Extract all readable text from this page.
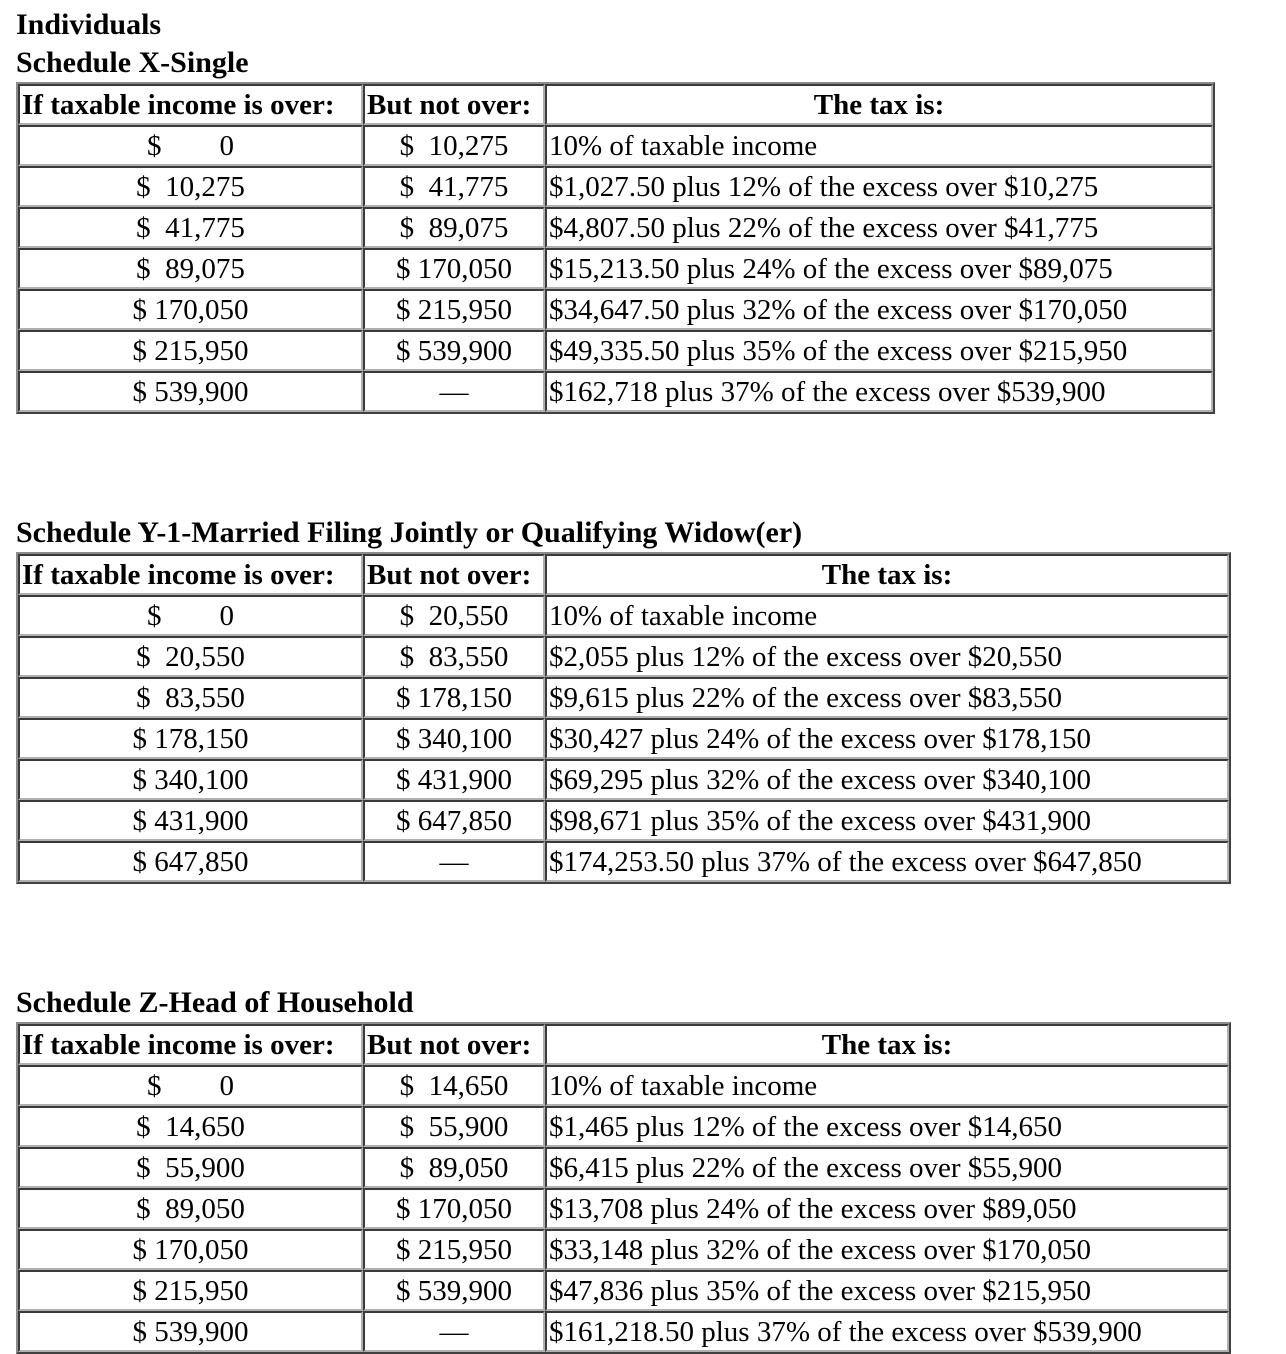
Individuals
Schedule X-Single
If taxable income is over:	But not over:	The tax is:
$        0	$  10,275	10% of taxable income
$  10,275	$  41,775	$1,027.50 plus 12% of the excess over $10,275
$  41,775	$  89,075	$4,807.50 plus 22% of the excess over $41,775
$  89,075	$ 170,050	$15,213.50 plus 24% of the excess over $89,075
$ 170,050	$ 215,950	$34,647.50 plus 32% of the excess over $170,050
$ 215,950	$ 539,900	$49,335.50 plus 35% of the excess over $215,950
$ 539,900	—	$162,718 plus 37% of the excess over $539,900
Schedule Y-1-Married Filing Jointly or Qualifying Widow(er)
If taxable income is over:	But not over:	The tax is:
$        0	$  20,550	10% of taxable income
$  20,550	$  83,550	$2,055 plus 12% of the excess over $20,550
$  83,550	$ 178,150	$9,615 plus 22% of the excess over $83,550
$ 178,150	$ 340,100	$30,427 plus 24% of the excess over $178,150
$ 340,100	$ 431,900	$69,295 plus 32% of the excess over $340,100
$ 431,900	$ 647,850	$98,671 plus 35% of the excess over $431,900
$ 647,850	—	$174,253.50 plus 37% of the excess over $647,850
Schedule Z-Head of Household
If taxable income is over:	But not over:	The tax is:
$        0	$  14,650	10% of taxable income
$  14,650	$  55,900	$1,465 plus 12% of the excess over $14,650
$  55,900	$  89,050	$6,415 plus 22% of the excess over $55,900
$  89,050	$ 170,050	$13,708 plus 24% of the excess over $89,050
$ 170,050	$ 215,950	$33,148 plus 32% of the excess over $170,050
$ 215,950	$ 539,900	$47,836 plus 35% of the excess over $215,950
$ 539,900	—	$161,218.50 plus 37% of the excess over $539,900
